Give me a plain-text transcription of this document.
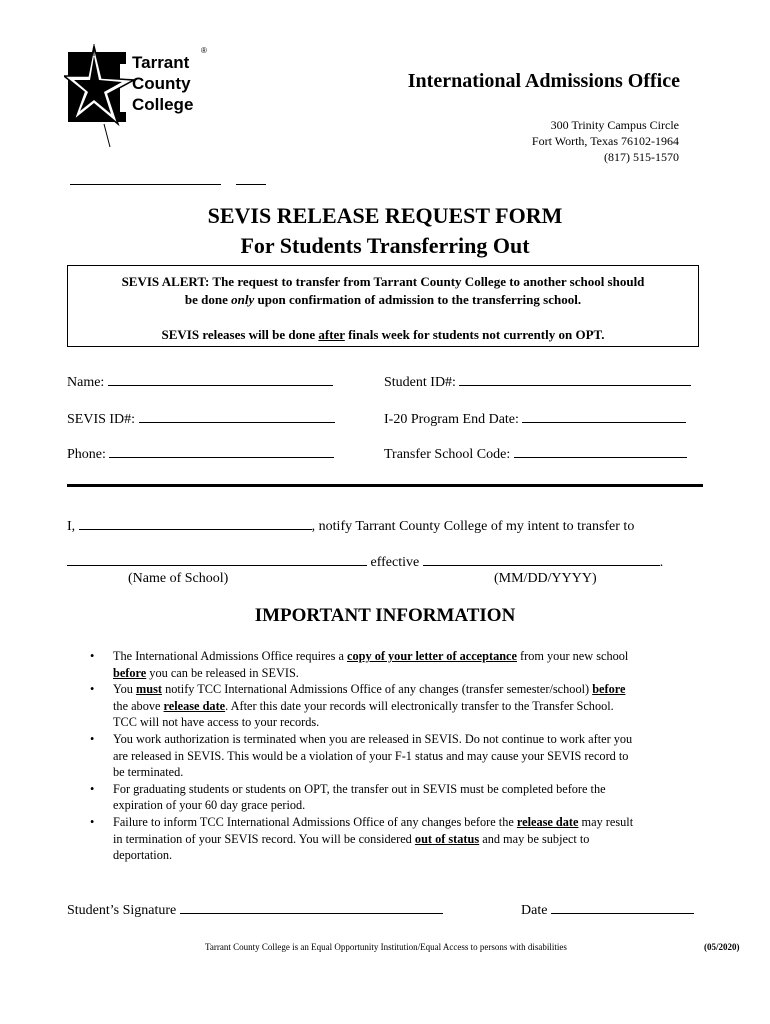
Tarrant
County
College
®
International Admissions Office
300 Trinity Campus Circle
Fort Worth, Texas 76102-1964
(817) 515-1570
SEVIS RELEASE REQUEST FORM
For Students Transferring Out
SEVIS ALERT: The request to transfer from Tarrant County College to another school should
be done only upon confirmation of admission to the transferring school.
SEVIS releases will be done after finals week for students not currently on OPT.
Name:	Student ID#:
SEVIS ID#:	I-20 Program End Date:
Phone:	Transfer School Code:
I,	, notify Tarrant County College of my intent to transfer to
effective	.
(Name of School)	(MM/DD/YYYY)
IMPORTANT INFORMATION
• The International Admissions Office requires a copy of your letter of acceptance from your new school
before you can be released in SEVIS.
• You must notify TCC International Admissions Office of any changes (transfer semester/school) before
the above release date. After this date your records will electronically transfer to the Transfer School.
TCC will not have access to your records.
• You work authorization is terminated when you are released in SEVIS. Do not continue to work after you
are released in SEVIS. This would be a violation of your F-1 status and may cause your SEVIS record to
be terminated.
• For graduating students or students on OPT, the transfer out in SEVIS must be completed before the
expiration of your 60 day grace period.
• Failure to inform TCC International Admissions Office of any changes before the release date may result
in termination of your SEVIS record. You will be considered out of status and may be subject to
deportation.
Student’s Signature	Date
Tarrant County College is an Equal Opportunity Institution/Equal Access to persons with disabilities	(05/2020)
